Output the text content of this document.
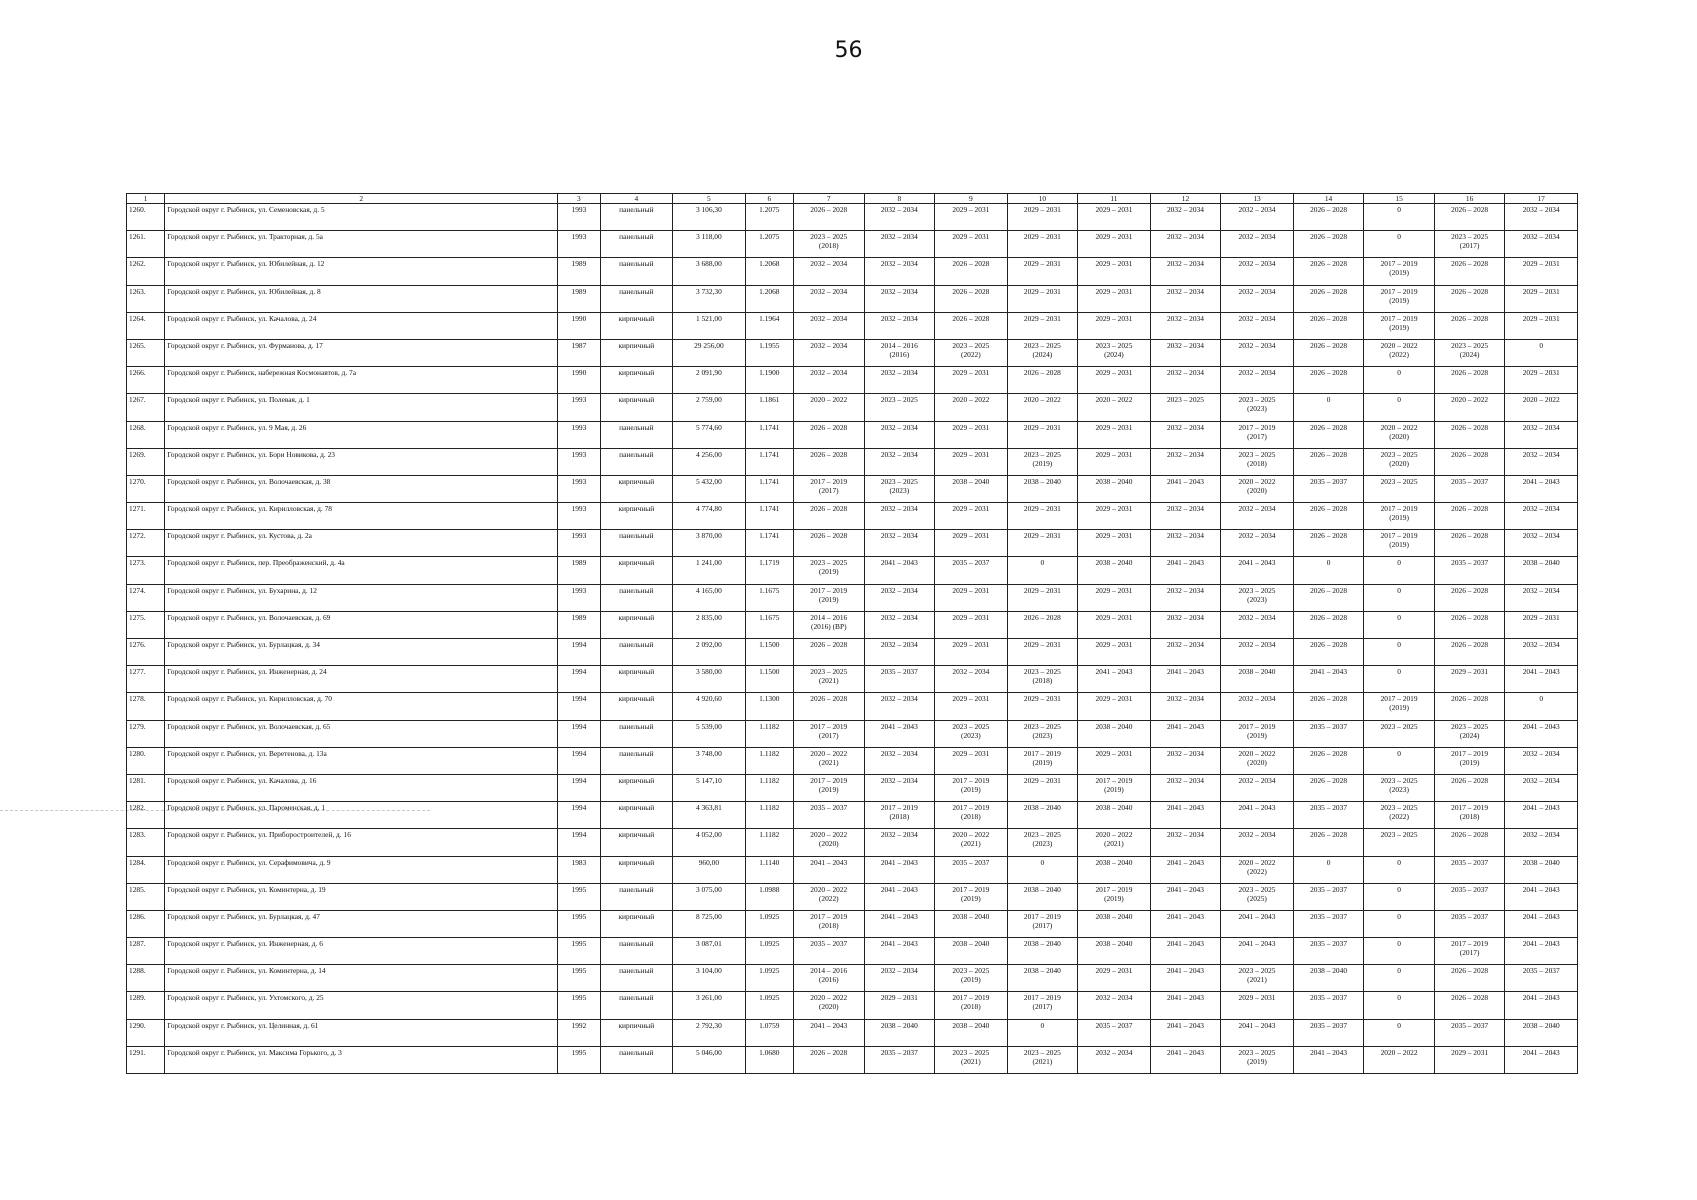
56
1	2	3	4	5	6	7	8	9	10	11	12	13	14	15	16	17
1260.	Городской округ г. Рыбинск, ул. Семеновская, д. 5	1993	панельный	3 106,30	1.2075	2026 – 2028	2032 – 2034	2029 – 2031	2029 – 2031	2029 – 2031	2032 – 2034	2032 – 2034	2026 – 2028	0	2026 – 2028	2032 – 2034
1261.	Городской округ г. Рыбинск, ул. Тракторная, д. 5а	1993	панельный	3 118,00	1.2075	2023 – 2025
(2018)	2032 – 2034	2029 – 2031	2029 – 2031	2029 – 2031	2032 – 2034	2032 – 2034	2026 – 2028	0	2023 – 2025
(2017)	2032 – 2034
1262.	Городской округ г. Рыбинск, ул. Юбилейная, д. 12	1989	панельный	3 688,00	1.2068	2032 – 2034	2032 – 2034	2026 – 2028	2029 – 2031	2029 – 2031	2032 – 2034	2032 – 2034	2026 – 2028	2017 – 2019
(2019)	2026 – 2028	2029 – 2031
1263.	Городской округ г. Рыбинск, ул. Юбилейная, д. 8	1989	панельный	3 732,30	1.2068	2032 – 2034	2032 – 2034	2026 – 2028	2029 – 2031	2029 – 2031	2032 – 2034	2032 – 2034	2026 – 2028	2017 – 2019
(2019)	2026 – 2028	2029 – 2031
1264.	Городской округ г. Рыбинск, ул. Качалова, д. 24	1990	кирпичный	1 521,00	1.1964	2032 – 2034	2032 – 2034	2026 – 2028	2029 – 2031	2029 – 2031	2032 – 2034	2032 – 2034	2026 – 2028	2017 – 2019
(2019)	2026 – 2028	2029 – 2031
1265.	Городской округ г. Рыбинск, ул. Фурманова, д. 17	1987	кирпичный	29 256,00	1.1955	2032 – 2034	2014 – 2016
(2016)	2023 – 2025
(2022)	2023 – 2025
(2024)	2023 – 2025
(2024)	2032 – 2034	2032 – 2034	2026 – 2028	2020 – 2022
(2022)	2023 – 2025
(2024)	0
1266.	Городской округ г. Рыбинск, набережная Космонавтов, д. 7а	1990	кирпичный	2 091,90	1.1900	2032 – 2034	2032 – 2034	2029 – 2031	2026 – 2028	2029 – 2031	2032 – 2034	2032 – 2034	2026 – 2028	0	2026 – 2028	2029 – 2031
1267.	Городской округ г. Рыбинск, ул. Полевая, д. 1	1993	кирпичный	2 759,00	1.1861	2020 – 2022	2023 – 2025	2020 – 2022	2020 – 2022	2020 – 2022	2023 – 2025	2023 – 2025
(2023)	0	0	2020 – 2022	2020 – 2022
1268.	Городской округ г. Рыбинск, ул. 9 Мая, д. 26	1993	панельный	5 774,60	1.1741	2026 – 2028	2032 – 2034	2029 – 2031	2029 – 2031	2029 – 2031	2032 – 2034	2017 – 2019
(2017)	2026 – 2028	2020 – 2022
(2020)	2026 – 2028	2032 – 2034
1269.	Городской округ г. Рыбинск, ул. Бори Новикова, д. 23	1993	панельный	4 256,00	1.1741	2026 – 2028	2032 – 2034	2029 – 2031	2023 – 2025
(2019)	2029 – 2031	2032 – 2034	2023 – 2025
(2018)	2026 – 2028	2023 – 2025
(2020)	2026 – 2028	2032 – 2034
1270.	Городской округ г. Рыбинск, ул. Волочаевская, д. 38	1993	кирпичный	5 432,00	1.1741	2017 – 2019
(2017)	2023 – 2025
(2023)	2038 – 2040	2038 – 2040	2038 – 2040	2041 – 2043	2020 – 2022
(2020)	2035 – 2037	2023 – 2025	2035 – 2037	2041 – 2043
1271.	Городской округ г. Рыбинск, ул. Кирилловская, д. 78	1993	кирпичный	4 774,80	1.1741	2026 – 2028	2032 – 2034	2029 – 2031	2029 – 2031	2029 – 2031	2032 – 2034	2032 – 2034	2026 – 2028	2017 – 2019
(2019)	2026 – 2028	2032 – 2034
1272.	Городской округ г. Рыбинск, ул. Кустова, д. 2а	1993	панельный	3 870,00	1.1741	2026 – 2028	2032 – 2034	2029 – 2031	2029 – 2031	2029 – 2031	2032 – 2034	2032 – 2034	2026 – 2028	2017 – 2019
(2019)	2026 – 2028	2032 – 2034
1273.	Городской округ г. Рыбинск, пер. Преображенский, д. 4а	1989	кирпичный	1 241,00	1.1719	2023 – 2025
(2019)	2041 – 2043	2035 – 2037	0	2038 – 2040	2041 – 2043	2041 – 2043	0	0	2035 – 2037	2038 – 2040
1274.	Городской округ г. Рыбинск, ул. Бухарина, д. 12	1993	панельный	4 165,00	1.1675	2017 – 2019
(2019)	2032 – 2034	2029 – 2031	2029 – 2031	2029 – 2031	2032 – 2034	2023 – 2025
(2023)	2026 – 2028	0	2026 – 2028	2032 – 2034
1275.	Городской округ г. Рыбинск, ул. Волочаевская, д. 69	1989	кирпичный	2 835,00	1.1675	2014 – 2016
(2016) (ВР)	2032 – 2034	2029 – 2031	2026 – 2028	2029 – 2031	2032 – 2034	2032 – 2034	2026 – 2028	0	2026 – 2028	2029 – 2031
1276.	Городской округ г. Рыбинск, ул. Бурлацкая, д. 34	1994	панельный	2 092,00	1.1500	2026 – 2028	2032 – 2034	2029 – 2031	2029 – 2031	2029 – 2031	2032 – 2034	2032 – 2034	2026 – 2028	0	2026 – 2028	2032 – 2034
1277.	Городской округ г. Рыбинск, ул. Инженерная, д. 24	1994	кирпичный	3 580,00	1.1500	2023 – 2025
(2021)	2035 – 2037	2032 – 2034	2023 – 2025
(2018)	2041 – 2043	2041 – 2043	2038 – 2040	2041 – 2043	0	2029 – 2031	2041 – 2043
1278.	Городской округ г. Рыбинск, ул. Кирилловская, д. 70	1994	кирпичный	4 920,60	1.1300	2026 – 2028	2032 – 2034	2029 – 2031	2029 – 2031	2029 – 2031	2032 – 2034	2032 – 2034	2026 – 2028	2017 – 2019
(2019)	2026 – 2028	0
1279.	Городской округ г. Рыбинск, ул. Волочаевская, д. 65	1994	панельный	5 539,00	1.1182	2017 – 2019
(2017)	2041 – 2043	2023 – 2025
(2023)	2023 – 2025
(2023)	2038 – 2040	2041 – 2043	2017 – 2019
(2019)	2035 – 2037	2023 – 2025	2023 – 2025
(2024)	2041 – 2043
1280.	Городской округ г. Рыбинск, ул. Веретенова, д. 13а	1994	панельный	3 748,00	1.1182	2020 – 2022
(2021)	2032 – 2034	2029 – 2031	2017 – 2019
(2019)	2029 – 2031	2032 – 2034	2020 – 2022
(2020)	2026 – 2028	0	2017 – 2019
(2019)	2032 – 2034
1281.	Городской округ г. Рыбинск, ул. Качалова, д. 16	1994	кирпичный	5 147,10	1.1182	2017 – 2019
(2019)	2032 – 2034	2017 – 2019
(2019)	2029 – 2031	2017 – 2019
(2019)	2032 – 2034	2032 – 2034	2026 – 2028	2023 – 2025
(2023)	2026 – 2028	2032 – 2034
1282.	Городской округ г. Рыбинск, ул. Пароменская, д. 1	1994	кирпичный	4 363,81	1.1182	2035 – 2037	2017 – 2019
(2018)	2017 – 2019
(2018)	2038 – 2040	2038 – 2040	2041 – 2043	2041 – 2043	2035 – 2037	2023 – 2025
(2022)	2017 – 2019
(2018)	2041 – 2043
1283.	Городской округ г. Рыбинск, ул. Приборостроителей, д. 16	1994	кирпичный	4 052,00	1.1182	2020 – 2022
(2020)	2032 – 2034	2020 – 2022
(2021)	2023 – 2025
(2023)	2020 – 2022
(2021)	2032 – 2034	2032 – 2034	2026 – 2028	2023 – 2025	2026 – 2028	2032 – 2034
1284.	Городской округ г. Рыбинск, ул. Серафимовича, д. 9	1983	кирпичный	960,00	1.1140	2041 – 2043	2041 – 2043	2035 – 2037	0	2038 – 2040	2041 – 2043	2020 – 2022
(2022)	0	0	2035 – 2037	2038 – 2040
1285.	Городской округ г. Рыбинск, ул. Коминтерна, д. 19	1995	панельный	3 075,00	1.0988	2020 – 2022
(2022)	2041 – 2043	2017 – 2019
(2019)	2038 – 2040	2017 – 2019
(2019)	2041 – 2043	2023 – 2025
(2025)	2035 – 2037	0	2035 – 2037	2041 – 2043
1286.	Городской округ г. Рыбинск, ул. Бурлацкая, д. 47	1995	кирпичный	8 725,00	1.0925	2017 – 2019
(2018)	2041 – 2043	2038 – 2040	2017 – 2019
(2017)	2038 – 2040	2041 – 2043	2041 – 2043	2035 – 2037	0	2035 – 2037	2041 – 2043
1287.	Городской округ г. Рыбинск, ул. Инженерная, д. 6	1995	панельный	3 087,01	1.0925	2035 – 2037	2041 – 2043	2038 – 2040	2038 – 2040	2038 – 2040	2041 – 2043	2041 – 2043	2035 – 2037	0	2017 – 2019
(2017)	2041 – 2043
1288.	Городской округ г. Рыбинск, ул. Коминтерна, д. 14	1995	панельный	3 104,00	1.0925	2014 – 2016
(2016)	2032 – 2034	2023 – 2025
(2019)	2038 – 2040	2029 – 2031	2041 – 2043	2023 – 2025
(2021)	2038 – 2040	0	2026 – 2028	2035 – 2037
1289.	Городской округ г. Рыбинск, ул. Ухтомского, д. 25	1995	панельный	3 261,00	1.0925	2020 – 2022
(2020)	2029 – 2031	2017 – 2019
(2018)	2017 – 2019
(2017)	2032 – 2034	2041 – 2043	2029 – 2031	2035 – 2037	0	2026 – 2028	2041 – 2043
1290.	Городской округ г. Рыбинск, ул. Целинная, д. 61	1992	кирпичный	2 792,30	1.0759	2041 – 2043	2038 – 2040	2038 – 2040	0	2035 – 2037	2041 – 2043	2041 – 2043	2035 – 2037	0	2035 – 2037	2038 – 2040
1291.	Городской округ г. Рыбинск, ул. Максима Горького, д. 3	1995	панельный	5 046,00	1.0680	2026 – 2028	2035 – 2037	2023 – 2025
(2021)	2023 – 2025
(2021)	2032 – 2034	2041 – 2043	2023 – 2025
(2019)	2041 – 2043	2020 – 2022	2029 – 2031	2041 – 2043
